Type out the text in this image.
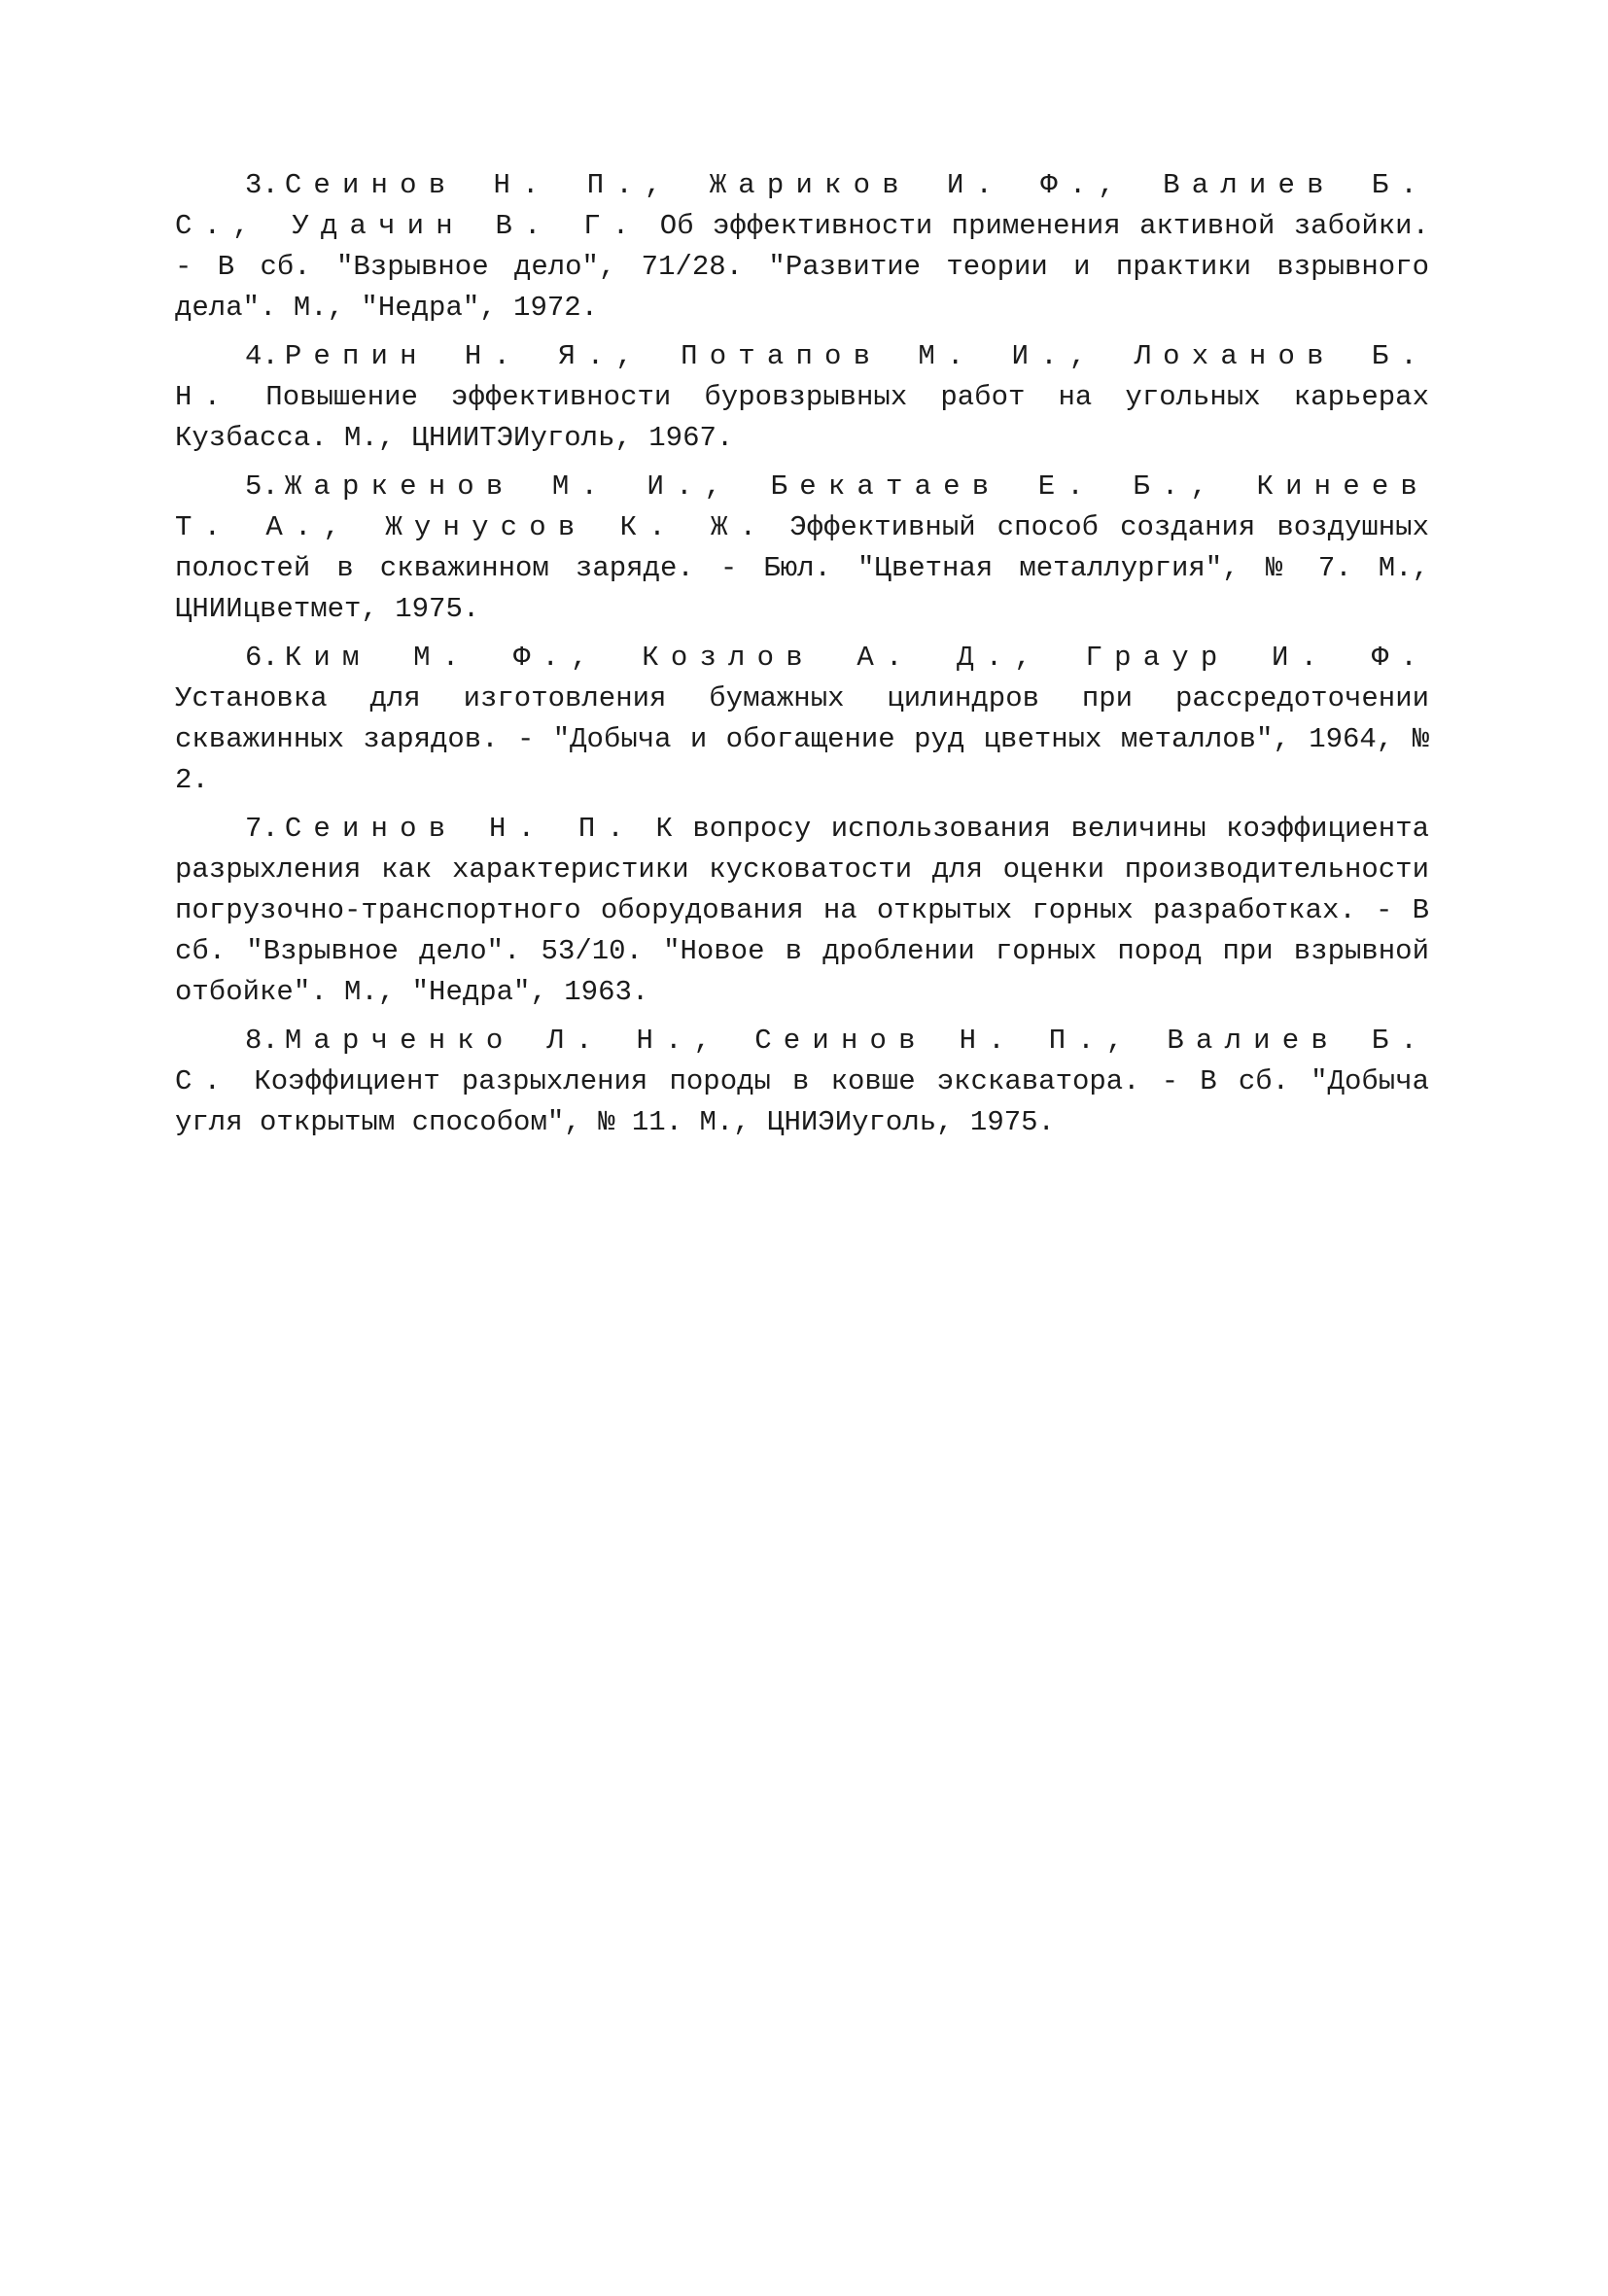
3. Сеинов Н. П., Жариков И. Ф., Валиев Б. С., Удачин В. Г. Об эффективности применения активной забойки. - В сб. "Взрывное дело", 71/28. "Развитие теории и практики взрывного дела". М., "Недра", 1972.

4. Репин Н. Я., Потапов М. И., Лоханов Б. Н. Повышение эффективности буровзрывных работ на угольных карьерах Кузбасса. М., ЦНИИТЭИуголь, 1967.

5. Жаркенов М. И., Бекатаев Е. Б., Кинеев Т. А., Жунусов К. Ж. Эффективный способ создания воздушных полостей в скважинном заряде. - Бюл. "Цветная металлургия", № 7. М., ЦНИИцветмет, 1975.

6. Ким М. Ф., Козлов А. Д., Граур И. Ф. Установка для изготовления бумажных цилиндров при рассредоточении скважинных зарядов. - "Добыча и обогащение руд цветных металлов", 1964, № 2.

7. Сеинов Н. П. К вопросу использования величины коэффициента разрыхления как характеристики кусковатости для оценки производительности погрузочно-транспортного оборудования на открытых горных разработках. - В сб. "Взрывное дело". 53/10. "Новое в дроблении горных пород при взрывной отбойке". М., "Недра", 1963.

8. Марченко Л. Н., Сеинов Н. П., Валиев Б. С. Коэффициент разрыхления породы в ковше экскаватора. - В сб. "Добыча угля открытым способом", № 11. М., ЦНИЭИуголь, 1975.
